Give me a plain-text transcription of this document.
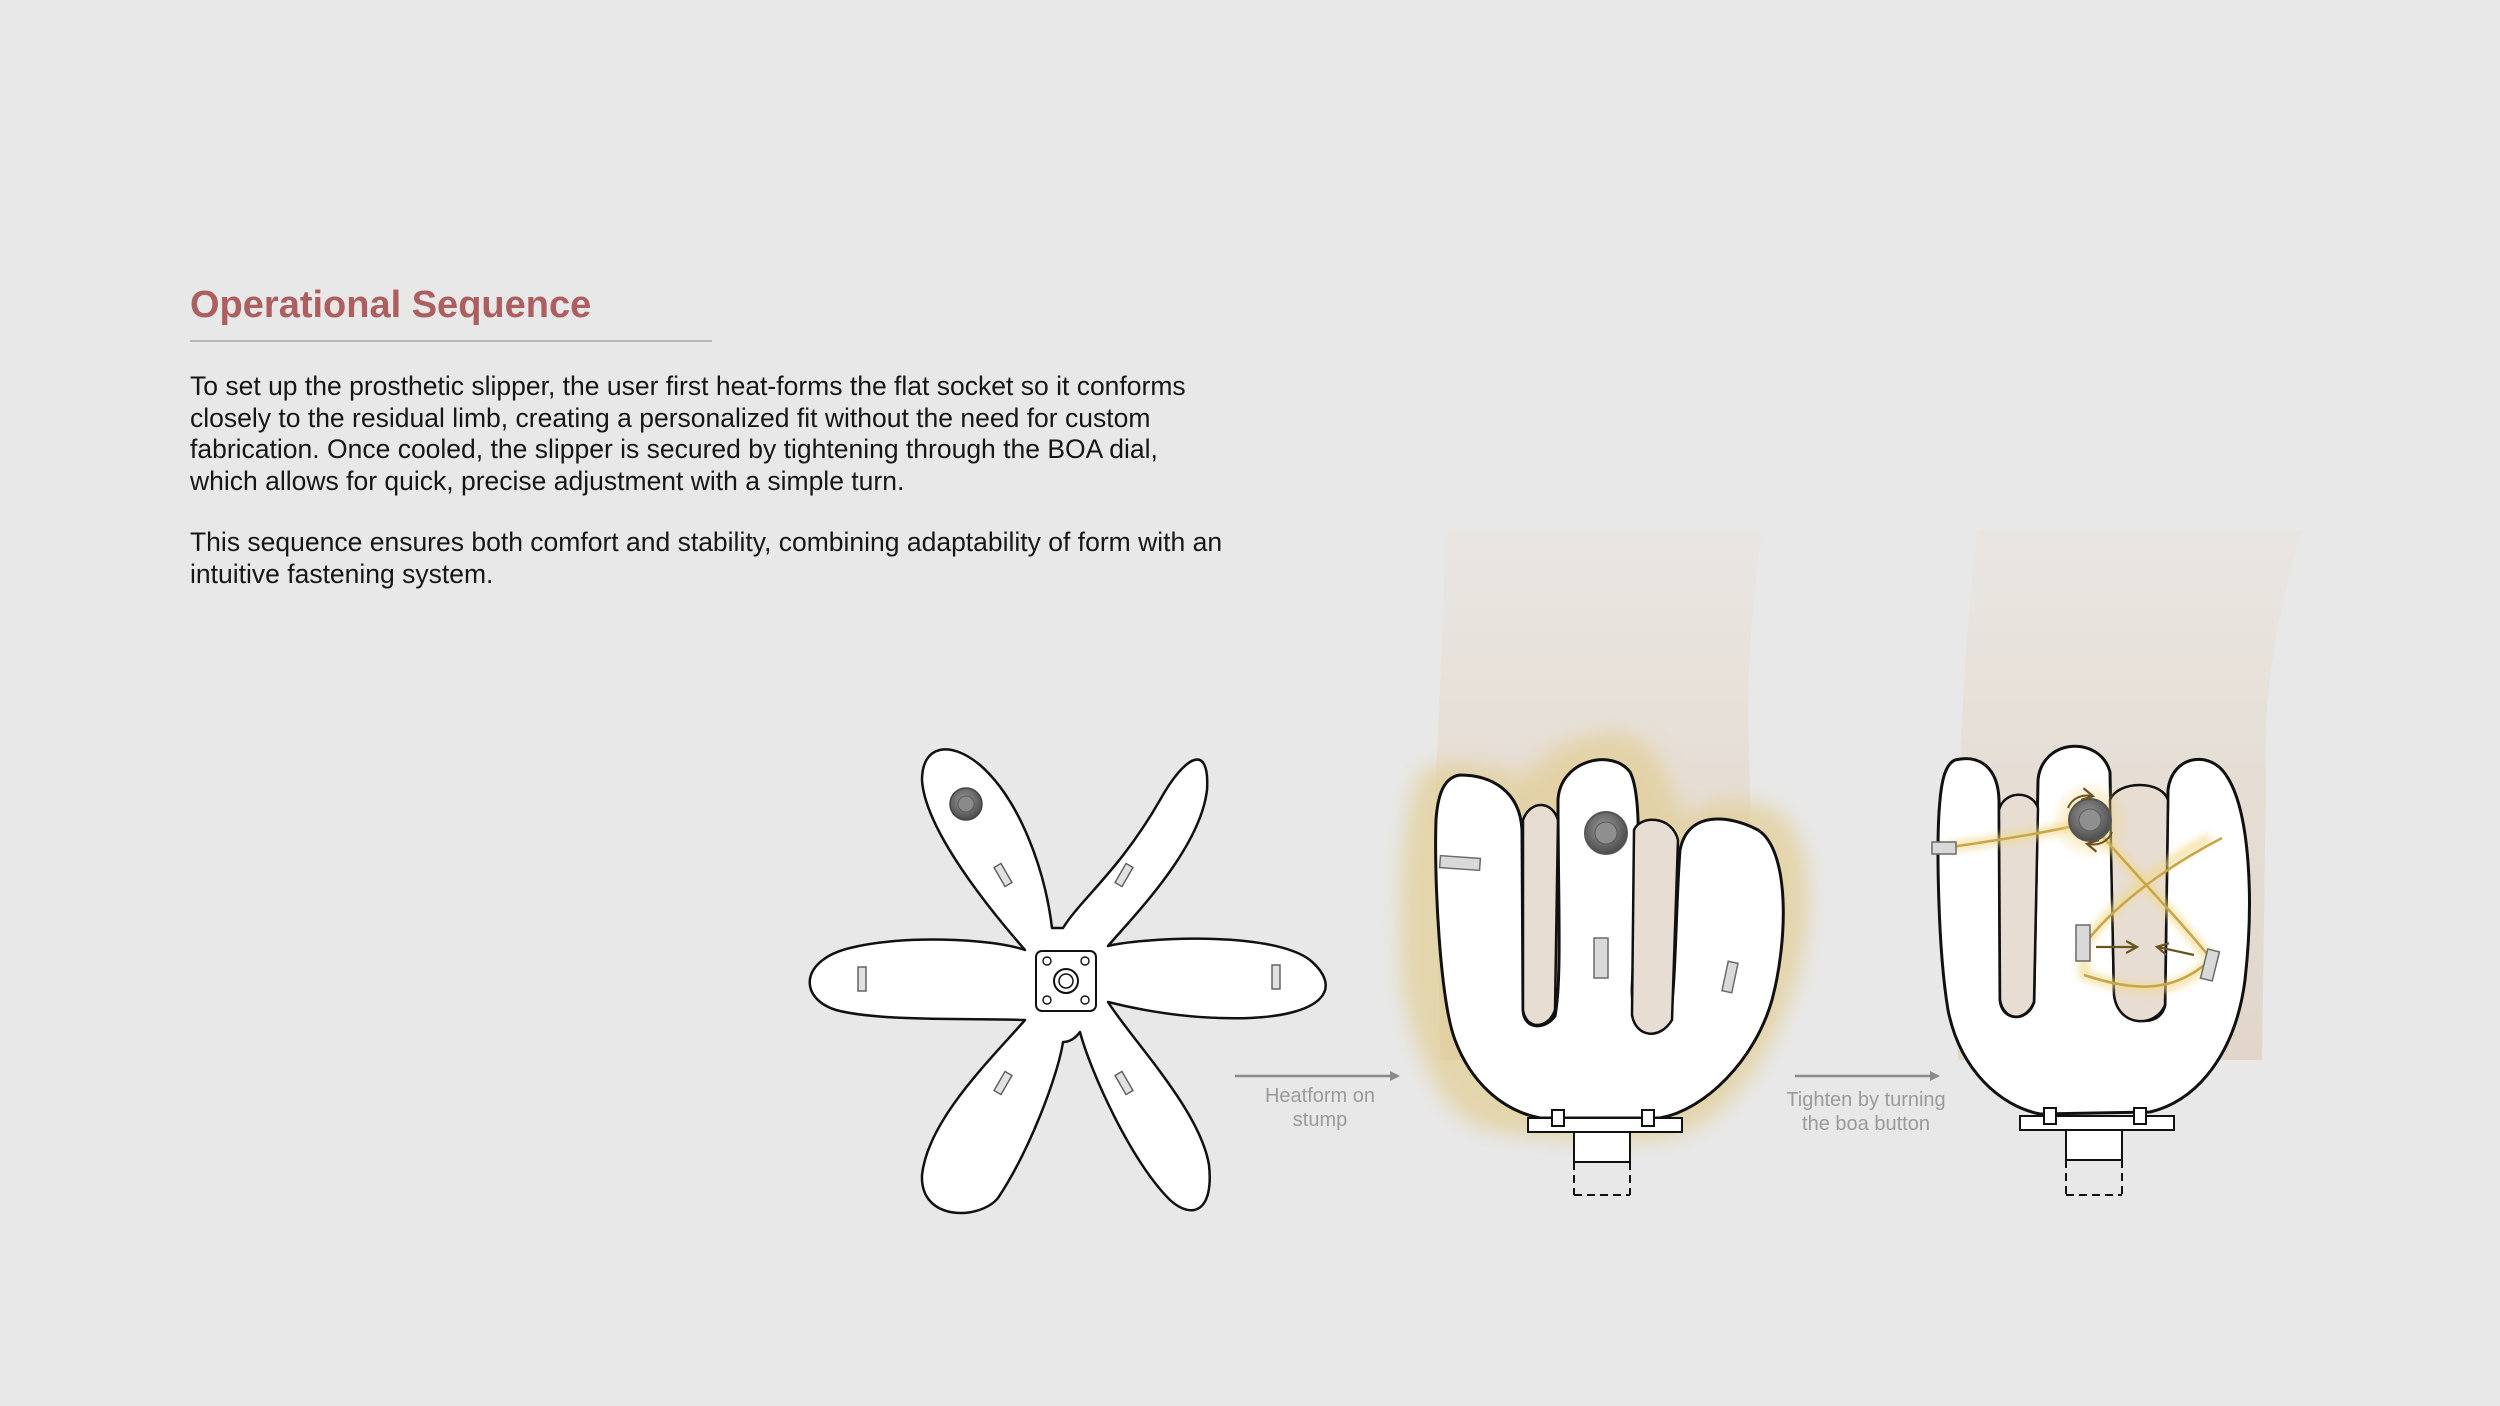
Operational Sequence

To set up the prosthetic slipper, the user first heat-forms the flat socket so it conforms closely to the residual limb, creating a personalized fit without the need for custom fabrication. Once cooled, the slipper is secured by tightening through the BOA dial, which allows for quick, precise adjustment with a simple turn.

This sequence ensures both comfort and stability, combining adaptability of form with an intuitive fastening system.

Heatform on
stump
Tighten by turning
the boa button
